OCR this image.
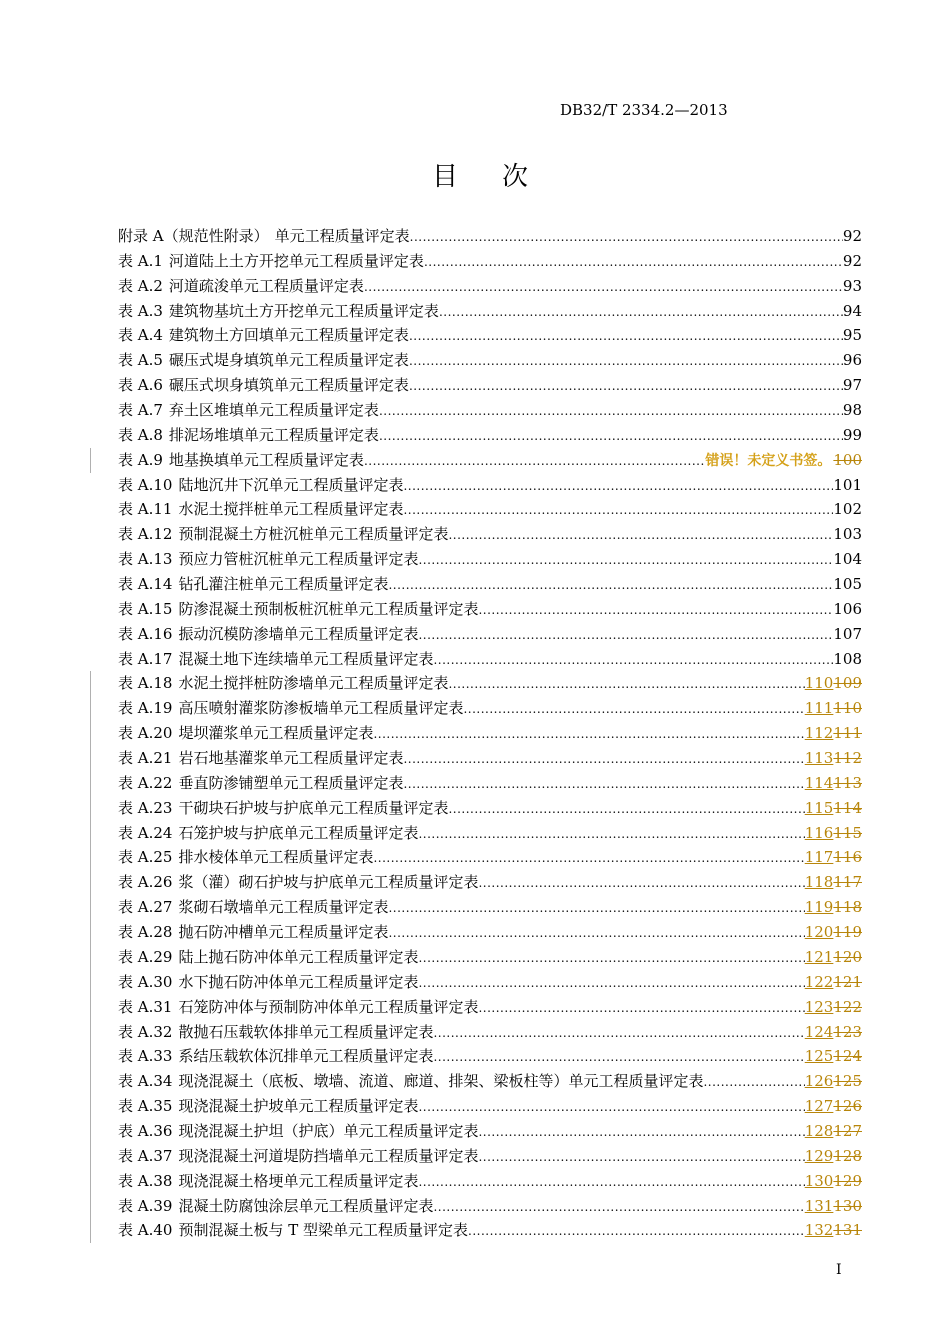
DB32/T 2334.2—2013
目 次
附录 A（规范性附录） 单元工程质量评定表 .....	92
表 A.1 河道陆上土方开挖单元工程质量评定表 .....	92
表 A.2 河道疏浚单元工程质量评定表 .....	93
表 A.3 建筑物基坑土方开挖单元工程质量评定表 .....	94
表 A.4 建筑物土方回填单元工程质量评定表 .....	95
表 A.5 碾压式堤身填筑单元工程质量评定表 .....	96
表 A.6 碾压式坝身填筑单元工程质量评定表 .....	97
表 A.7 弃土区堆填单元工程质量评定表 .....	98
表 A.8 排泥场堆填单元工程质量评定表 .....	99
表 A.9 地基换填单元工程质量评定表 .....	错误！未定义书签。 100
表 A.10 陆地沉井下沉单元工程质量评定表 .....	101
表 A.11 水泥土搅拌桩单元工程质量评定表 .....	102
表 A.12 预制混凝土方桩沉桩单元工程质量评定表 .....	103
表 A.13 预应力管桩沉桩单元工程质量评定表 .....	104
表 A.14 钻孔灌注桩单元工程质量评定表 .....	105
表 A.15 防渗混凝土预制板桩沉桩单元工程质量评定表 .....	106
表 A.16 振动沉模防渗墙单元工程质量评定表 .....	107
表 A.17 混凝土地下连续墙单元工程质量评定表 .....	108
表 A.18 水泥土搅拌桩防渗墙单元工程质量评定表 .....	110109
表 A.19 高压喷射灌浆防渗板墙单元工程质量评定表 .....	111110
表 A.20 堤坝灌浆单元工程质量评定表 .....	112111
表 A.21 岩石地基灌浆单元工程质量评定表 .....	113112
表 A.22 垂直防渗铺塑单元工程质量评定表 .....	114113
表 A.23 干砌块石护坡与护底单元工程质量评定表 .....	115114
表 A.24 石笼护坡与护底单元工程质量评定表 .....	116115
表 A.25 排水棱体单元工程质量评定表 .....	117116
表 A.26 浆（灌）砌石护坡与护底单元工程质量评定表 .....	118117
表 A.27 浆砌石墩墙单元工程质量评定表 .....	119118
表 A.28 抛石防冲槽单元工程质量评定表 .....	120119
表 A.29 陆上抛石防冲体单元工程质量评定表 .....	121120
表 A.30 水下抛石防冲体单元工程质量评定表 .....	122121
表 A.31 石笼防冲体与预制防冲体单元工程质量评定表 .....	123122
表 A.32 散抛石压载软体排单元工程质量评定表 .....	124123
表 A.33 系结压载软体沉排单元工程质量评定表 .....	125124
表 A.34 现浇混凝土（底板、墩墙、流道、廊道、排架、梁板柱等）单元工程质量评定表 .....	126125
表 A.35 现浇混凝土护坡单元工程质量评定表 .....	127126
表 A.36 现浇混凝土护坦（护底）单元工程质量评定表 .....	128127
表 A.37 现浇混凝土河道堤防挡墙单元工程质量评定表 .....	129128
表 A.38 现浇混凝土格埂单元工程质量评定表 .....	130129
表 A.39 混凝土防腐蚀涂层单元工程质量评定表 .....	131130
表 A.40 预制混凝土板与 T 型梁单元工程质量评定表 .....	132131
I
